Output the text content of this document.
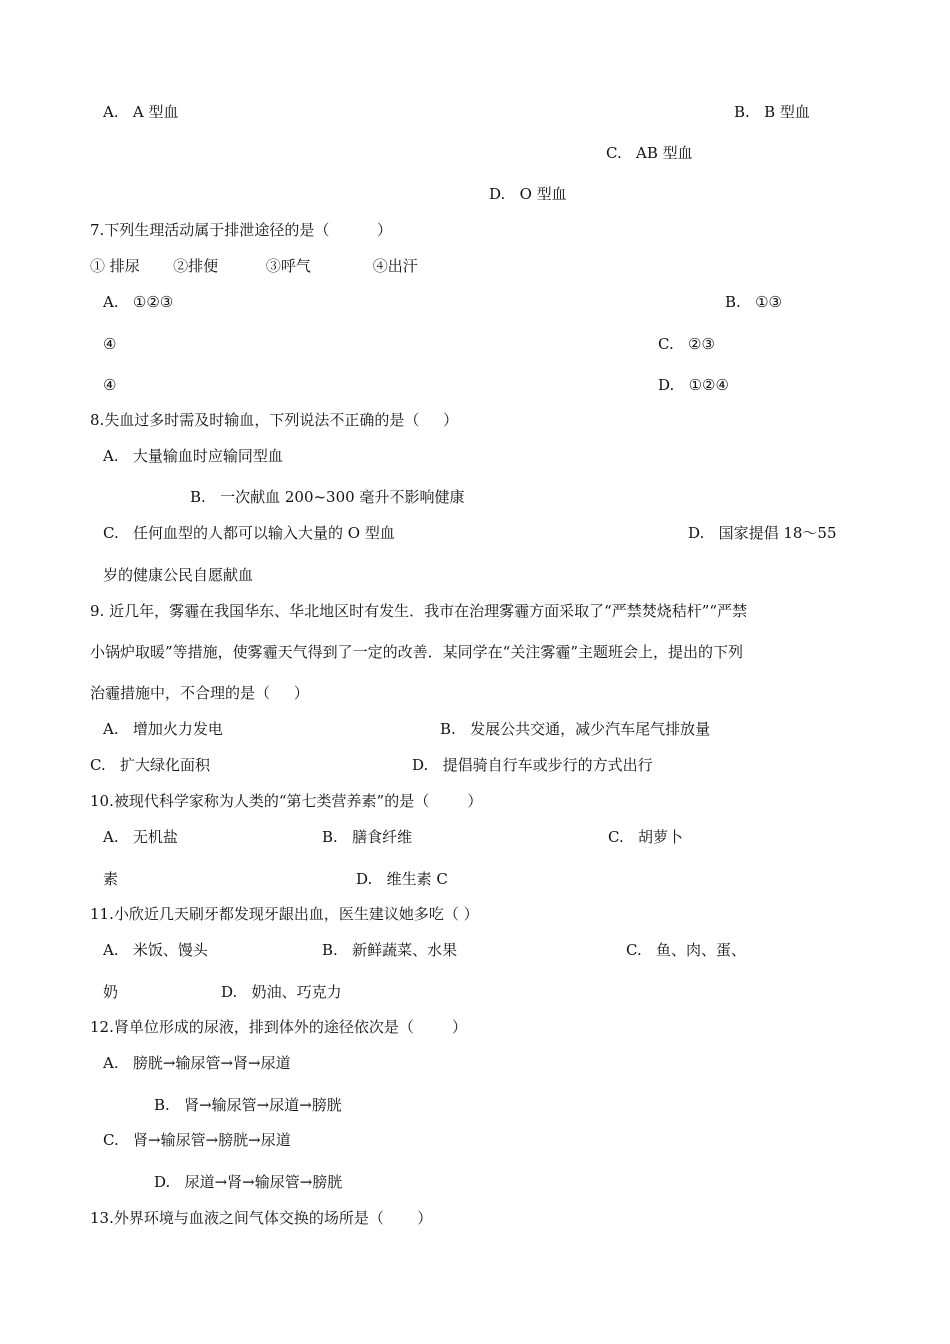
A.   A 型血	B.   B 型血
C.   AB 型血
D.   O 型血
7.下列生理活动属于排泄途径的是（          ）
① 排尿       ②排便          ③呼气             ④出汗
A.   ①②③	B.   ①③
④	C.   ②③
④	D.   ①②④
8.失血过多时需及时输血，下列说法不正确的是（     ）
A.   大量输血时应输同型血
B.   一次献血 200~300 毫升不影响健康
C.   任何血型的人都可以输入大量的 O 型血	D.   国家提倡 18～55
岁的健康公民自愿献血
9. 近几年，雾霾在我国华东、华北地区时有发生．我市在治理雾霾方面采取了“严禁焚烧秸杆”“严禁
小锅炉取暖”等措施，使雾霾天气得到了一定的改善．某同学在“关注雾霾”主题班会上，提出的下列
治霾措施中，不合理的是（     ）
A.   增加火力发电	B.   发展公共交通，减少汽车尾气排放量
C.   扩大绿化面积	D.   提倡骑自行车或步行的方式出行
10.被现代科学家称为人类的“第七类营养素”的是（        ）
A.   无机盐	B.   膳食纤维	C.   胡萝卜
素	D.   维生素 C
11.小欣近几天刷牙都发现牙龈出血，医生建议她多吃（ ）
A.   米饭、馒头	B.   新鲜蔬菜、水果	C.   鱼、肉、蛋、
奶	D.   奶油、巧克力
12.肾单位形成的尿液，排到体外的途径依次是（        ）
A.   膀胱→输尿管→肾→尿道
B.   肾→输尿管→尿道→膀胱
C.   肾→输尿管→膀胱→尿道
D.   尿道→肾→输尿管→膀胱
13.外界环境与血液之间气体交换的场所是（       ）
